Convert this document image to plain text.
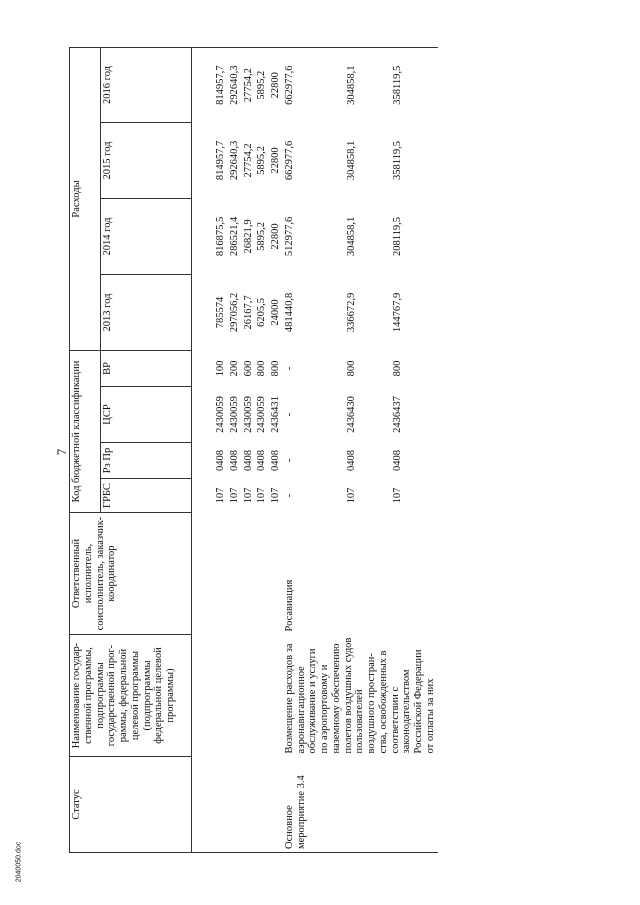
7
2040050.doc
Статус	Наименование государ-ственной программы, подпрограммы государственной прог-раммы, федеральной целевой программы (подпрограммы федеральной целевой программы)	Ответственный исполнитель, соисполнитель, заказчик-координатор	Код бюджетной классификации				Расходы			
			ГРБС	Рз Пр	ЦСР	ВР	2013 год	2014 год	2015 год	2016 год

			107	0408	2430059	100	785574	816875,5	814957,7	814957,7
			107	0408	2430059	200	297056,2	286521,4	292640,3	292640,3
			107	0408	2430059	600	26167,7	26821,9	27754,2	27754,2
			107	0408	2430059	800	6205,5	5895,2	5895,2	5895,2
			107	0408	2436431	800	24000	22800	22800	22800
Основное мероприятие 3.4	Возмещение расходов за аэронавигационное обслуживание и услуги по аэропортовому и наземному обеспечению полетов воздушных судов пользователей воздушного простран-ства, освобожденных в соответствии с законодательством Российской Федерации от оплаты за них	Росавиация	-	-	-	-	481440,8	512977,6	662977,6	662977,6

			107	0408	2436430	800	336672,9	304858,1	304858,1	304858,1
			107	0408	2436437	800	144767,9	208119,5	358119,5	358119,5
